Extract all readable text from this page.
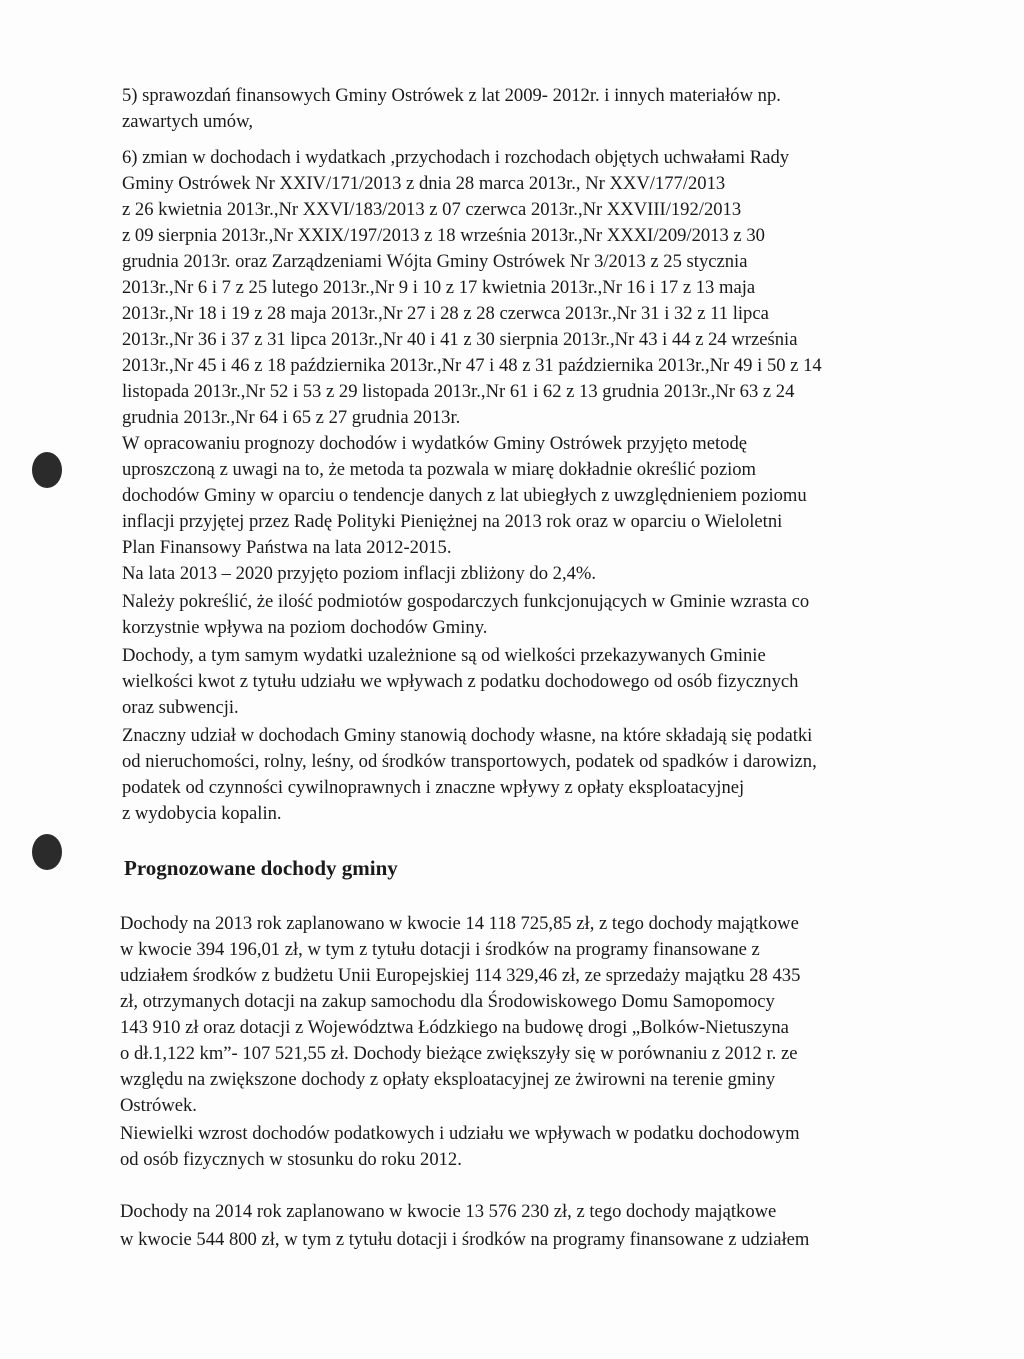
5) sprawozdań finansowych Gminy Ostrówek z lat 2009- 2012r. i innych materiałów np.
zawartych umów,
6) zmian w dochodach i wydatkach ,przychodach i rozchodach objętych uchwałami Rady
Gminy Ostrówek Nr XXIV/171/2013 z dnia 28 marca 2013r., Nr XXV/177/2013
z 26 kwietnia 2013r.,Nr XXVI/183/2013 z 07 czerwca 2013r.,Nr XXVIII/192/2013
z 09 sierpnia 2013r.,Nr XXIX/197/2013 z 18 września 2013r.,Nr XXXI/209/2013 z 30
grudnia 2013r. oraz Zarządzeniami Wójta Gminy Ostrówek Nr 3/2013 z 25 stycznia
2013r.,Nr 6 i 7 z 25 lutego 2013r.,Nr 9 i 10 z 17 kwietnia 2013r.,Nr 16 i 17 z 13 maja
2013r.,Nr 18 i 19 z 28 maja 2013r.,Nr 27 i 28 z 28 czerwca 2013r.,Nr 31 i 32 z 11 lipca
2013r.,Nr 36 i 37 z 31 lipca 2013r.,Nr 40 i 41 z 30 sierpnia 2013r.,Nr 43 i 44 z 24 września
2013r.,Nr 45 i 46 z 18 października 2013r.,Nr 47 i 48 z 31 października 2013r.,Nr 49 i 50 z 14
listopada 2013r.,Nr 52 i 53 z 29 listopada 2013r.,Nr 61 i 62 z 13 grudnia 2013r.,Nr 63 z 24
grudnia 2013r.,Nr 64 i 65 z 27 grudnia 2013r.
W opracowaniu prognozy dochodów i wydatków Gminy Ostrówek przyjęto metodę
uproszczoną z uwagi na to, że metoda ta pozwala w miarę dokładnie określić poziom
dochodów Gminy w oparciu o tendencje danych z lat ubiegłych z uwzględnieniem poziomu
inflacji przyjętej przez Radę Polityki Pieniężnej na 2013 rok oraz w oparciu o Wieloletni
Plan Finansowy Państwa na lata 2012-2015.
Na lata 2013 – 2020 przyjęto poziom inflacji zbliżony do 2,4%.
Należy pokreślić, że ilość podmiotów gospodarczych funkcjonujących w Gminie wzrasta co
korzystnie wpływa na poziom dochodów Gminy.
Dochody, a tym samym wydatki uzależnione są od wielkości przekazywanych Gminie
wielkości kwot z tytułu udziału we wpływach z podatku dochodowego od osób fizycznych
oraz subwencji.
Znaczny udział w dochodach Gminy stanowią dochody własne, na które składają się podatki
od nieruchomości, rolny, leśny, od środków transportowych, podatek od spadków i darowizn,
podatek od czynności cywilnoprawnych i znaczne wpływy z opłaty eksploatacyjnej
z wydobycia kopalin.
Prognozowane dochody gminy
Dochody na 2013 rok zaplanowano w kwocie 14 118 725,85 zł, z tego dochody majątkowe
w kwocie 394 196,01 zł, w tym z tytułu dotacji i środków na programy finansowane z
udziałem środków z budżetu Unii Europejskiej 114 329,46 zł, ze sprzedaży majątku 28 435
zł, otrzymanych dotacji na zakup samochodu dla Środowiskowego Domu Samopomocy
143 910 zł oraz dotacji z Województwa Łódzkiego na budowę drogi „Bolków-Nietuszyna
o dł.1,122 km”- 107 521,55 zł. Dochody bieżące zwiększyły się w porównaniu z 2012 r. ze
względu na zwiększone dochody z opłaty eksploatacyjnej ze żwirowni na terenie gminy
Ostrówek.
Niewielki wzrost dochodów podatkowych i udziału we wpływach w podatku dochodowym
od osób fizycznych w stosunku do roku 2012.
Dochody na 2014 rok zaplanowano w kwocie 13 576 230 zł, z tego dochody majątkowe
w kwocie 544 800 zł, w tym z tytułu dotacji i środków na programy finansowane z udziałem
